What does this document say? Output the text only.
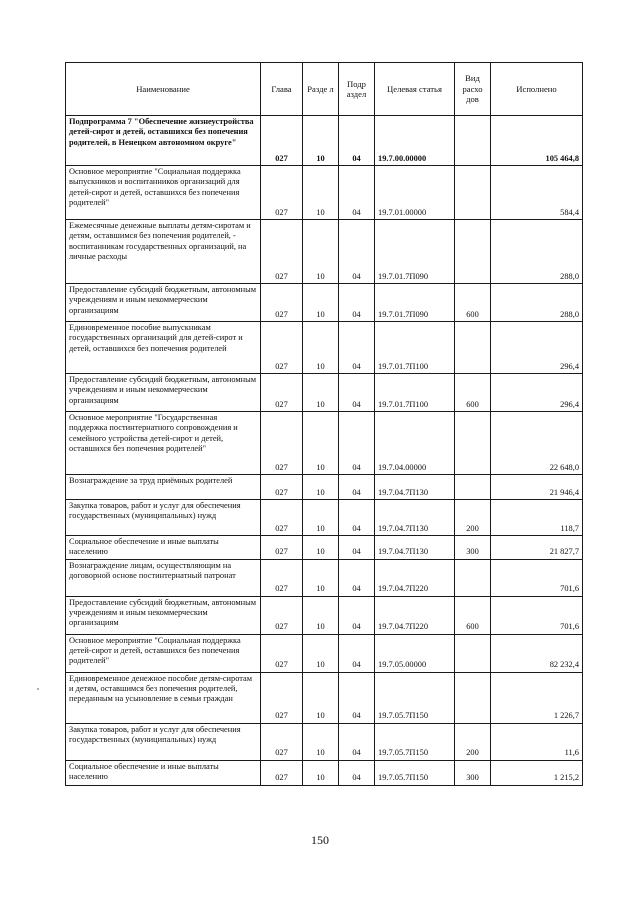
Наименование	Глава	Разде л	Подр аздел	Целевая статья	Вид расхо дов	Исполнено
Подпрограмма 7 "Обеспечение жизнеустройства детей-сирот и детей, оставшихся без попечения родителей, в Ненецком автономном округе"	027	10	04	19.7.00.00000		105 464,8
Основное мероприятие "Социальная поддержка выпускников и воспитанников организаций для детей-сирот и детей, оставшихся без попечения родителей"	027	10	04	19.7.01.00000		584,4
Ежемесячные денежные выплаты детям-сиротам и детям, оставшимся без попечения родителей, - воспитанникам государственных организаций, на личные расходы	027	10	04	19.7.01.7П090		288,0
Предоставление субсидий бюджетным, автономным учреждениям и иным некоммерческим организациям	027	10	04	19.7.01.7П090	600	288,0
Единовременное пособие выпускникам государственных организаций для детей-сирот и детей, оставшихся без попечения родителей	027	10	04	19.7.01.7П100		296,4
Предоставление субсидий бюджетным, автономным учреждениям и иным некоммерческим организациям	027	10	04	19.7.01.7П100	600	296,4
Основное мероприятие "Государственная поддержка постинтернатного сопровождения и семейного устройства детей-сирот и детей, оставшихся без попечения родителей"	027	10	04	19.7.04.00000		22 648,0
Вознаграждение за труд приёмных родителей	027	10	04	19.7.04.7П130		21 946,4
Закупка товаров, работ и услуг для обеспечения государственных (муниципальных) нужд	027	10	04	19.7.04.7П130	200	118,7
Социальное обеспечение и иные выплаты населению	027	10	04	19.7.04.7П130	300	21 827,7
Вознаграждение лицам, осуществляющим на договорной основе постинтернатный патронат	027	10	04	19.7.04.7П220		701,6
Предоставление субсидий бюджетным, автономным учреждениям и иным некоммерческим организациям	027	10	04	19.7.04.7П220	600	701,6
Основное мероприятие "Социальная поддержка детей-сирот и детей, оставшихся без попечения родителей"	027	10	04	19.7.05.00000		82 232,4
Единовременное денежное пособие детям-сиротам и детям, оставшимся без попечения родителей, переданным на усыновление в семьи граждан	027	10	04	19.7.05.7П150		1 226,7
Закупка товаров, работ и услуг для обеспечения государственных (муниципальных) нужд	027	10	04	19.7.05.7П150	200	11,6
Социальное обеспечение и иные выплаты населению	027	10	04	19.7.05.7П150	300	1 215,2
150
